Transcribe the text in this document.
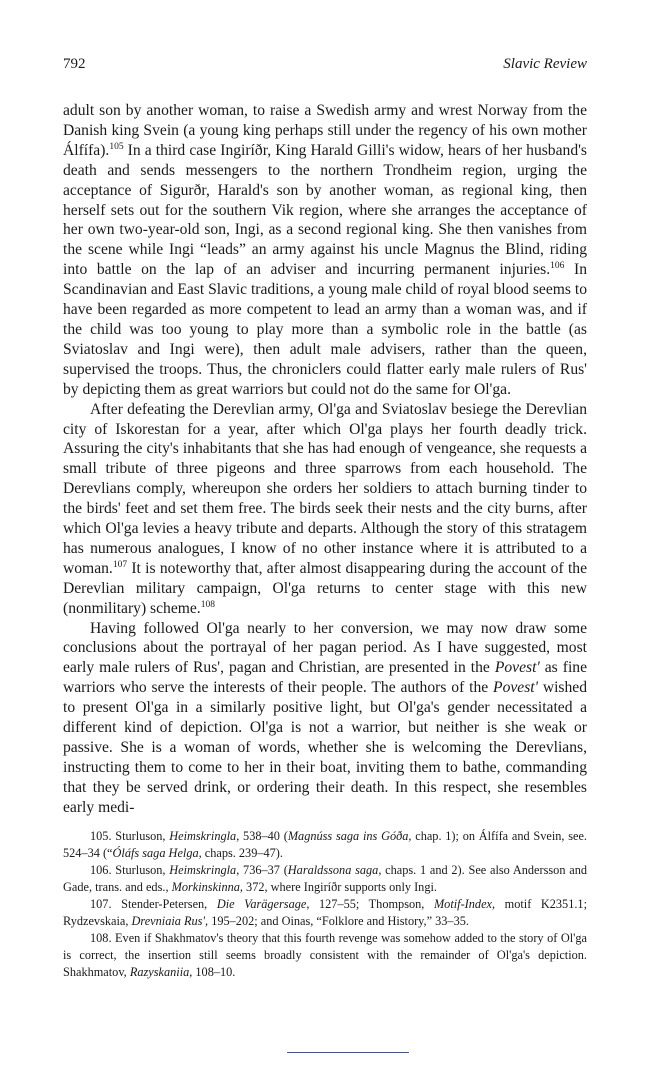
792	Slavic Review

adult son by another woman, to raise a Swedish army and wrest Norway from the Danish king Svein (a young king perhaps still under the regency of his own mother Álfífa).$^{105}$ In a third case Ingiríðr, King Harald Gilli's widow, hears of her husband's death and sends messengers to the northern Trondheim region, urging the acceptance of Sigurðr, Harald's son by another woman, as regional king, then herself sets out for the southern Vik region, where she arranges the acceptance of her own two-year-old son, Ingi, as a second regional king. She then vanishes from the scene while Ingi “leads” an army against his uncle Magnus the Blind, riding into battle on the lap of an adviser and incurring permanent injuries.$^{106}$ In Scandinavian and East Slavic traditions, a young male child of royal blood seems to have been regarded as more competent to lead an army than a woman was, and if the child was too young to play more than a symbolic role in the battle (as Sviatoslav and Ingi were), then adult male advisers, rather than the queen, supervised the troops. Thus, the chroniclers could flatter early male rulers of Rus' by depicting them as great warriors but could not do the same for Ol'ga.

After defeating the Derevlian army, Ol'ga and Sviatoslav besiege the Derevlian city of Iskorestan for a year, after which Ol'ga plays her fourth deadly trick. Assuring the city's inhabitants that she has had enough of vengeance, she requests a small tribute of three pigeons and three sparrows from each household. The Derevlians comply, whereupon she orders her soldiers to attach burning tinder to the birds' feet and set them free. The birds seek their nests and the city burns, after which Ol'ga levies a heavy tribute and departs. Although the story of this stratagem has numerous analogues, I know of no other instance where it is attributed to a woman.$^{107}$ It is noteworthy that, after almost disappearing during the account of the Derevlian military campaign, Ol'ga returns to center stage with this new (nonmilitary) scheme.$^{108}$

Having followed Ol'ga nearly to her conversion, we may now draw some conclusions about the portrayal of her pagan period. As I have suggested, most early male rulers of Rus', pagan and Christian, are presented in the Povest' as fine warriors who serve the interests of their people. The authors of the Povest' wished to present Ol'ga in a similarly positive light, but Ol'ga's gender necessitated a different kind of depiction. Ol'ga is not a warrior, but neither is she weak or passive. She is a woman of words, whether she is welcoming the Derevlians, instructing them to come to her in their boat, inviting them to bathe, commanding that they be served drink, or ordering their death. In this respect, she resembles early medi-

105. Sturluson, Heimskringla, 538–40 (Magnúss saga ins Góða, chap. 1); on Álfífa and Svein, see. 524–34 (“Óláfs saga Helga, chaps. 239–47).

106. Sturluson, Heimskringla, 736–37 (Haraldssona saga, chaps. 1 and 2). See also Andersson and Gade, trans. and eds., Morkinskinna, 372, where Ingiríðr supports only Ingi.

107. Stender-Petersen, Die Varägersage, 127–55; Thompson, Motif-Index, motif K2351.1; Rydzevskaia, Drevniaia Rus', 195–202; and Oinas, “Folklore and History,” 33–35.

108. Even if Shakhmatov's theory that this fourth revenge was somehow added to the story of Ol'ga is correct, the insertion still seems broadly consistent with the remainder of Ol'ga's depiction. Shakhmatov, Razyskaniia, 108–10.
